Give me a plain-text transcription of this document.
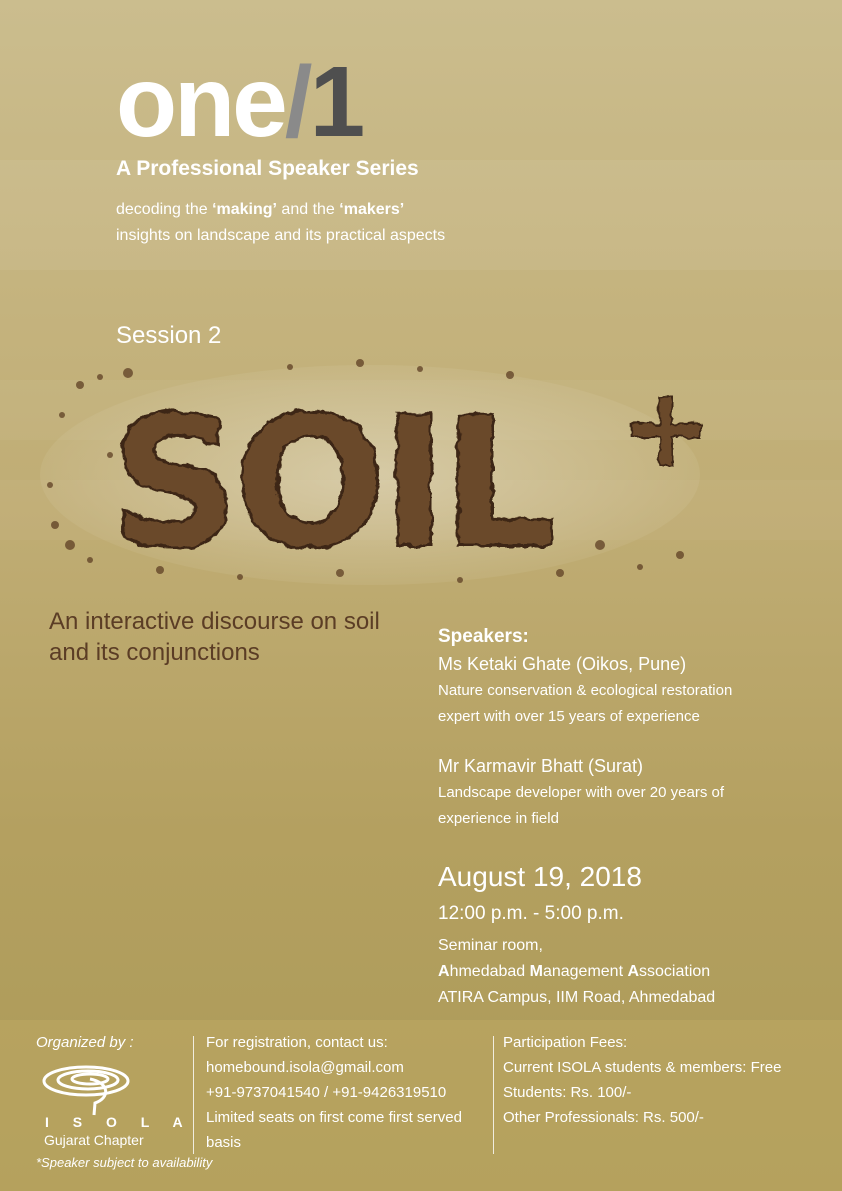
one/1
A Professional Speaker Series
decoding the ‘making’ and the ‘makers’
insights on landscape and its practical aspects
Session 2
SOIL +
An interactive discourse on soil and its conjunctions
Speakers:
Ms Ketaki Ghate (Oikos, Pune)
Nature conservation & ecological restoration
expert with over 15 years of experience
Mr Karmavir Bhatt (Surat)
Landscape developer with over 20 years of
experience in field
August 19, 2018
12:00 p.m. - 5:00 p.m.
Seminar room,
Ahmedabad Management Association
ATIRA Campus, IIM Road, Ahmedabad
Organized by :
I S O L A
Gujarat Chapter
*Speaker subject to availability
For registration, contact us:
homebound.isola@gmail.com
+91-9737041540 / +91-9426319510
Limited seats on first come first served
basis
Participation Fees:
Current ISOLA students & members: Free
Students: Rs. 100/-
Other Professionals: Rs. 500/-
